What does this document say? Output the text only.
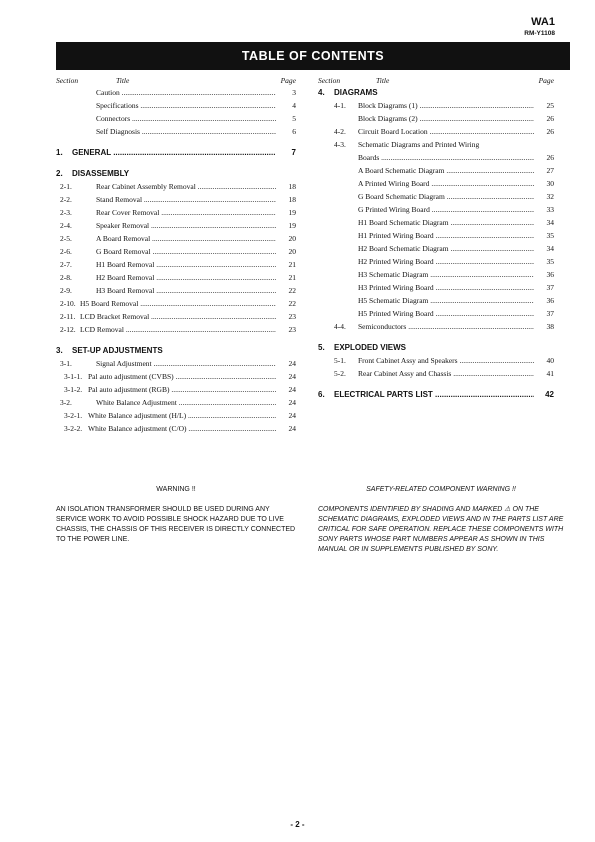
WA1
RM-Y1108
TABLE OF CONTENTS
Section	Title	Page
Caution .....	3
Specifications .....	4
Connectors .....	5
Self Diagnosis .....	6
1. GENERAL .....	7
2. DISASSEMBLY
2-1.	Rear Cabinet Assembly Removal .....	18
2-2.	Stand Removal .....	18
2-3.	Rear Cover Removal .....	19
2-4.	Speaker Removal .....	19
2-5.	A Board Removal .....	20
2-6.	G Board Removal .....	20
2-7.	H1 Board Removal .....	21
2-8.	H2 Board Removal .....	21
2-9.	H3 Board Removal .....	22
2-10. H5 Board Removal .....	22
2-11. LCD Bracket Removal .....	23
2-12. LCD Removal .....	23
3. SET-UP ADJUSTMENTS
3-1.	Signal Adjustment .....	24
3-1-1. Pal auto adjustment (CVBS) .....	24
3-1-2. Pal auto adjustment (RGB) .....	24
3-2.	White Balance Adjustment .....	24
3-2-1. White Balance adjustment (H/L) .....	24
3-2-2. White Balance adjustment (C/O) .....	24
Section	Title	Page
4. DIAGRAMS
4-1. Block Diagrams (1) .....	25
Block Diagrams (2) .....	26
4-2. Circuit Board Location .....	26
4-3. Schematic Diagrams and Printed Wiring
Boards .....	26
A Board Schematic Diagram .....	27
A Printed Wiring Board .....	30
G Board Schematic Diagram .....	32
G Printed Wiring Board .....	33
H1 Board Schematic Diagram .....	34
H1 Printed Wiring Board .....	35
H2 Board Schematic Diagram .....	34
H2 Printed Wiring Board .....	35
H3 Schematic Diagram .....	36
H3 Printed Wiring Board .....	37
H5 Schematic Diagram .....	36
H5 Printed Wiring Board .....	37
4-4. Semiconductors .....	38
5. EXPLODED VIEWS
5-1. Front Cabinet Assy and Speakers .....	40
5-2. Rear Cabinet Assy and Chassis .....	41
6. ELECTRICAL PARTS LIST .....	42
WARNING !!
AN ISOLATION TRANSFORMER SHOULD BE USED DURING ANY SERVICE WORK TO AVOID POSSIBLE SHOCK HAZARD DUE TO LIVE CHASSIS, THE CHASSIS OF THIS RECEIVER IS DIRECTLY CONNECTED TO THE POWER LINE.
SAFETY-RELATED COMPONENT WARNING !!
COMPONENTS IDENTIFIED BY SHADING AND MARKED ⚠ ON THE SCHEMATIC DIAGRAMS, EXPLODED VIEWS AND IN THE PARTS LIST ARE CRITICAL FOR SAFE OPERATION. REPLACE THESE COMPONENTS WITH SONY PARTS WHOSE PART NUMBERS APPEAR AS SHOWN IN THIS MANUAL OR IN SUPPLEMENTS PUBLISHED BY SONY.
- 2 -
